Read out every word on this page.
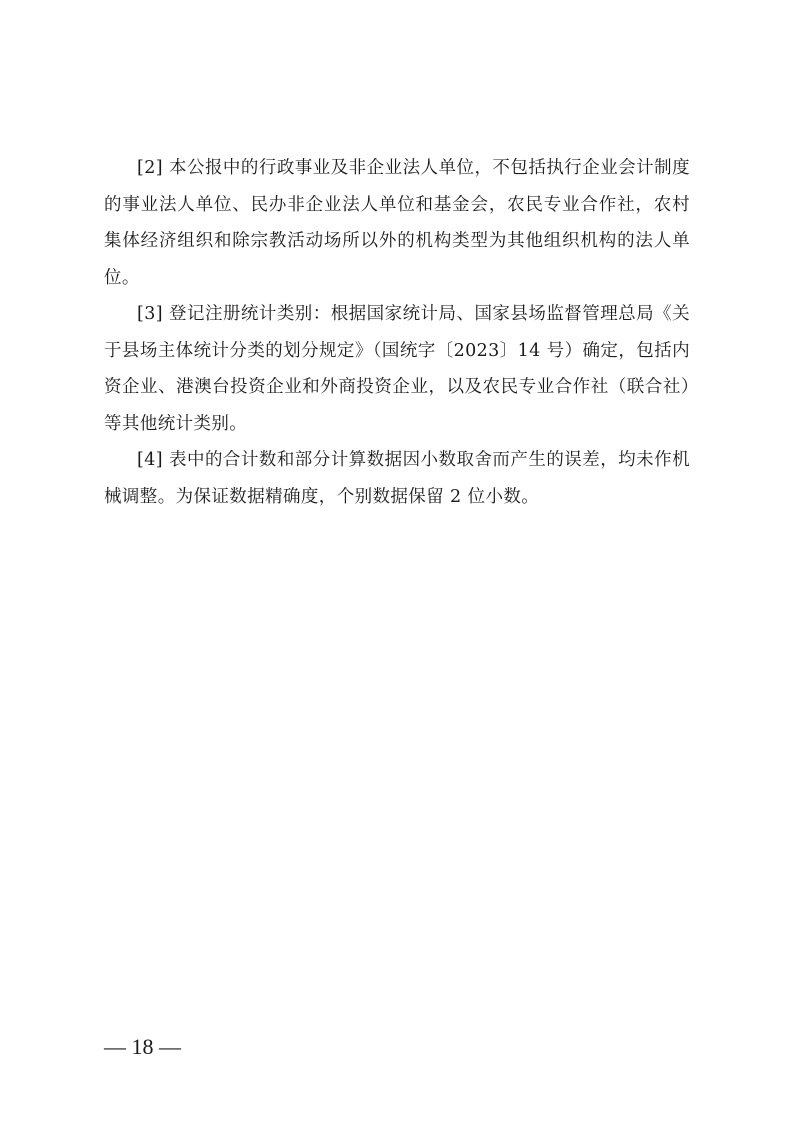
[2] 本公报中的行政事业及非企业法人单位，不包括执行企业会计制度的事业法人单位、民办非企业法人单位和基金会，农民专业合作社，农村集体经济组织和除宗教活动场所以外的机构类型为其他组织机构的法人单位。

[3] 登记注册统计类别：根据国家统计局、国家县场监督管理总局《关于县场主体统计分类的划分规定》（国统字〔2023〕14 号）确定，包括内资企业、港澳台投资企业和外商投资企业，以及农民专业合作社（联合社）等其他统计类别。

[4] 表中的合计数和部分计算数据因小数取舍而产生的误差，均未作机械调整。为保证数据精确度，个别数据保留 2 位小数。

— 18 —
